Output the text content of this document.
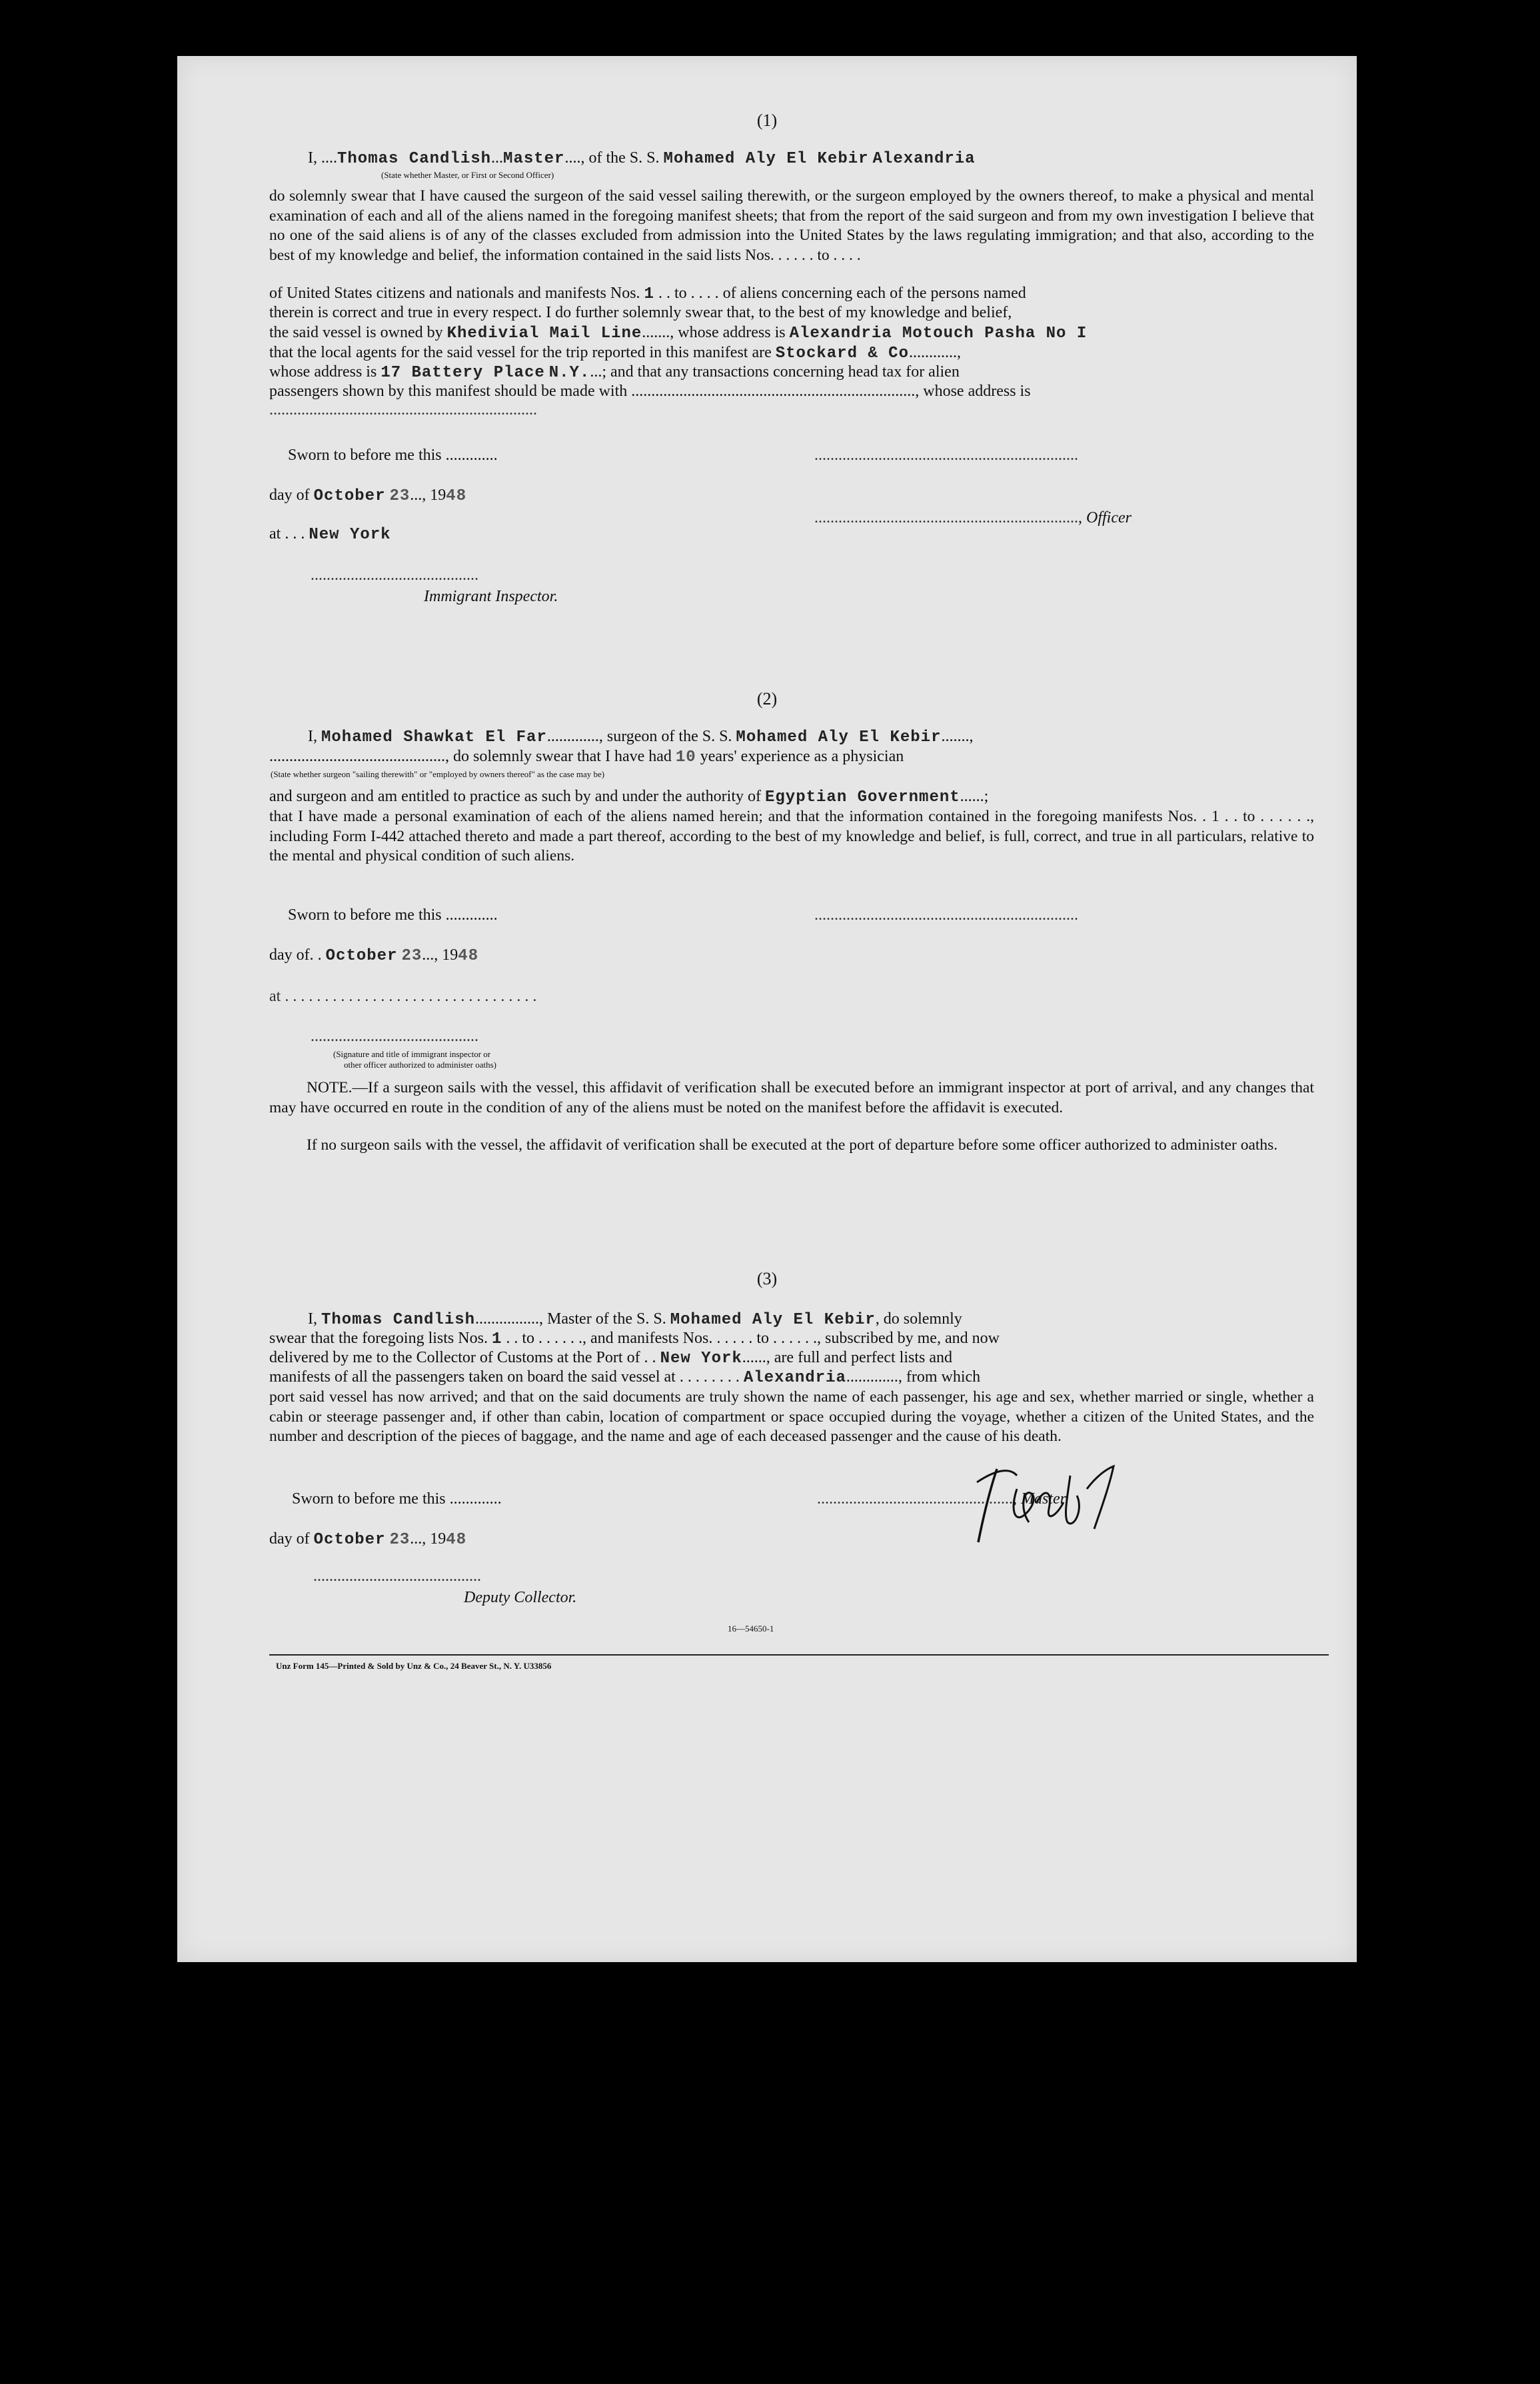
(1)
I, ....Thomas Candlish...Master...., of the S. S. Mohamed Aly El Kebir Alexandria
(State whether Master, or First or Second Officer)
do solemnly swear that I have caused the surgeon of the said vessel sailing therewith, or the surgeon employed by the owners thereof, to make a physical and mental examination of each and all of the aliens named in the foregoing manifest sheets; that from the report of the said surgeon and from my own investigation I believe that no one of the said aliens is of any of the classes excluded from admission into the United States by the laws regulating immigration; and that also, according to the best of my knowledge and belief, the information contained in the said lists Nos. . . . . . to . . . .
of United States citizens and nationals and manifests Nos. 1 . . to . . . . of aliens concerning each of the persons named
therein is correct and true in every respect. I do further solemnly swear that, to the best of my knowledge and belief,
the said vessel is owned by Khedivial Mail Line......., whose address is Alexandria Motouch Pasha No I
that the local agents for the said vessel for the trip reported in this manifest are Stockard & Co............,
whose address is 17 Battery Place N.Y....; and that any transactions concerning head tax for alien
passengers shown by this manifest should be made with ......................................................................., whose address is
...................................................................
Sworn to before me this .............	..................................................................
day of October 23..., 1948
.................................................................., Officer
at . . . New York
..........................................
Immigrant Inspector.
(2)
I, Mohamed Shawkat El Far............., surgeon of the S. S. Mohamed Aly El Kebir.......,
............................................, do solemnly swear that I have had 10 years' experience as a physician
(State whether surgeon "sailing therewith" or "employed by owners thereof" as the case may be)
and surgeon and am entitled to practice as such by and under the authority of Egyptian Government......;
that I have made a personal examination of each of the aliens named herein; and that the information contained in the foregoing manifests Nos. . 1 . . to . . . . . ., including Form I-442 attached thereto and made a part thereof, according to the best of my knowledge and belief, is full, correct, and true in all particulars, relative to the mental and physical condition of such aliens.
Sworn to before me this .............	..................................................................
day of. . October 23..., 1948
at . . . . . . . . . . . . . . . . . . . . . . . . . . . . . . . .
..........................................
(Signature and title of immigrant inspector or
other officer authorized to administer oaths)
NOTE.—If a surgeon sails with the vessel, this affidavit of verification shall be executed before an immigrant inspector at port of arrival, and any changes that may have occurred en route in the condition of any of the aliens must be noted on the manifest before the affidavit is executed.
If no surgeon sails with the vessel, the affidavit of verification shall be executed at the port of departure before some officer authorized to administer oaths.
(3)
I, Thomas Candlish................, Master of the S. S. Mohamed Aly El Kebir, do solemnly
swear that the foregoing lists Nos. 1 . . to . . . . . ., and manifests Nos. . . . . . to . . . . . ., subscribed by me, and now
delivered by me to the Collector of Customs at the Port of . . New York......, are full and perfect lists and
manifests of all the passengers taken on board the said vessel at . . . . . . . . Alexandria............., from which
port said vessel has now arrived; and that on the said documents are truly shown the name of each passenger, his age and sex, whether married or single, whether a cabin or steerage passenger and, if other than cabin, location of compartment or space occupied during the voyage, whether a citizen of the United States, and the number and description of the pieces of baggage, and the name and age of each deceased passenger and the cause of his death.
Sworn to before me this .............	................................................., Master
day of October 23..., 1948
..........................................
Deputy Collector.
16—54650-1
Unz Form 145—Printed & Sold by Unz & Co., 24 Beaver St., N. Y. U33856
